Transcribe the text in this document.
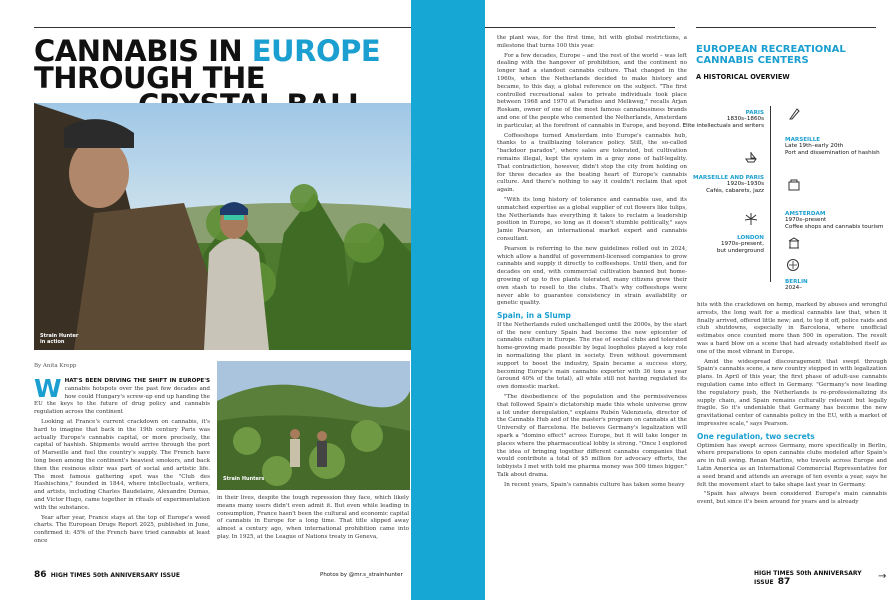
CANNABIS IN EUROPE
THROUGH THE

Strain Hunter
in action
By Anita Krepp

WHAT'S BEEN DRIVING THE SHIFT IN EUROPE'S cannabis hotspots over the past few decades and how could Hungary's screw-up end up handing the EU the keys to the future of drug policy and cannabis regulation across the continent

Looking at France's current crackdown on cannabis, it's hard to imagine that back in the 19th century Paris was actually Europe's cannabis capital, or more precisely, the capital of hashish. Shipments would arrive through the port of Marseille and fuel the country's supply. The French have long been among the continent's heaviest smokers, and back then the resinous elixir was part of social and artistic life. The most famous gathering spot was the "Club des Hashischins," founded in 1844, where intellectuals, writers, and artists, including Charles Baudelaire, Alexandre Dumas, and Victor Hugo, came together in rituals of experimentation with the substance.

Year after year, France stays at the top of Europe's weed charts. The European Drugs Report 2025, published in June, confirmed it: 45% of the French have tried cannabis at least once

Strain Hunters

in their lives, despite the tough repression they face, which likely means many users didn't even admit it. But even while leading in consumption, France hasn't been the cultural and economic capital of cannabis in Europe for a long time. That title slipped away almost a century ago, when international prohibition came into play. In 1925, at the League of Nations treaty in Geneva,

86 HIGH TIMES 50th ANNIVERSARY ISSUE	Photos by @mr.s_strainhunter

the plant was, for the first time, hit with global restrictions, a milestone that turns 100 this year.

For a few decades, Europe – and the rest of the world – was left dealing with the hangover of prohibition, and the continent no longer had a standout cannabis culture. That changed in the 1960s, when the Netherlands decided to make history and became, to this day, a global reference on the subject. "The first controlled recreational sales to private individuals took place between 1968 and 1970 at Paradiso and Melkweg," recalls Arjan Roskam, owner of one of the most famous cannabusiness brands and one of the people who cemented the Netherlands, Amsterdam in particular, at the forefront of cannabis in Europe, and beyond.

Coffeeshops turned Amsterdam into Europe's cannabis hub, thanks to a trailblazing tolerance policy. Still, the so-called "backdoor paradox", where sales are tolerated, but cultivation remains illegal, kept the system in a gray zone of half-legality. That contradiction, however, didn't stop the city from holding on for three decades as the beating heart of Europe's cannabis culture. And there's nothing to say it couldn't reclaim that spot again.

"With its long history of tolerance and cannabis use, and its unmatched expertise as a global supplier of cut flowers like tulips, the Netherlands has everything it takes to reclaim a leadership position in Europe, so long as it doesn't stumble politically," says Jamie Pearson, an international market expert and cannabis consultant.

Pearson is referring to the new guidelines rolled out in 2024, which allow a handful of government-licensed companies to grow cannabis and supply it directly to coffeeshops. Until then, and for decades on end, with commercial cultivation banned but home-growing of up to five plants tolerated, many citizens grew their own stash to resell to the clubs. That's why coffeeshops were never able to guarantee consistency in strain availability or genetic quality.

Spain, in a Slump

If the Netherlands ruled unchallenged until the 2000s, by the start of the new century Spain had become the new epicenter of cannabis culture in Europe. The rise of social clubs and tolerated home-growing made possible by legal loopholes played a key role in normalizing the plant in society. Even without government support to boost the industry, Spain became a success story, becoming Europe's main cannabis exporter with 36 tons a year (around 40% of the total), all while still not having regulated its own domestic market.

"The disobedience of the population and the permissiveness that followed Spain's dictatorship made this whole universe grow a lot under deregulation," explains Rubén Valenzuela, director of the Cannabis Hub and of the master's program on cannabis at the University of Barcelona. He believes Germany's legalization will spark a "domino effect" across Europe, but it will take longer in places where the pharmaceutical lobby is strong. "Once I explored the idea of bringing together different cannabis companies that would contribute a total of $5 million for advocacy efforts, the lobbyists I met with told me pharma money was 500 times bigger." Talk about drama.

In recent years, Spain's cannabis culture has taken some heavy

EUROPEAN RECREATIONAL CANNABIS CENTERS
A HISTORICAL OVERVIEW
PARIS
1830s–1860s
Elite intellectuals and writers
MARSEILLE
Late 19th–early 20th
Port and dissemination of hashish
MARSEILLE AND PARIS
1920s–1930s
Cafés, cabarets, jazz
AMSTERDAM
1970s–present
Coffee shops and cannabis tourism
LONDON
1970s–present,
but underground
BERLIN
2024–

hits with the crackdown on hemp, marked by abuses and wrongful arrests, the long wait for a medical cannabis law that, when it finally arrived, offered little new; and, to top it off, police raids and club shutdowns, especially in Barcelona, where unofficial estimates once counted more than 500 in operation. The result was a hard blow on a scene that had already established itself as one of the most vibrant in Europe.

Amid the widespread discouragement that swept through Spain's cannabis scene, a new country stepped in with legalization plans. In April of this year, the first phase of adult-use cannabis regulation came into effect in Germany. "Germany's now leading the regulatory push, the Netherlands is re-professionalizing its supply chain, and Spain remains culturally relevant but legally fragile. So it's undeniable that Germany has become the new gravitational center of cannabis policy in the EU, with a market of impressive scale," says Pearson.

One regulation, two secrets

Optimism has swept across Germany, more specifically in Berlin, where preparations to open cannabis clubs modeled after Spain's are in full swing. Renan Martins, who travels across Europe and Latin America as an International Commercial Representative for a seed brand and attends an average of ten events a year, says he felt the movement start to take shape last year in Germany.

"Spain has always been considered Europe's main cannabis event, but since it's been around for years and is already

HIGH TIMES 50th ANNIVERSARY ISSUE 87	→
